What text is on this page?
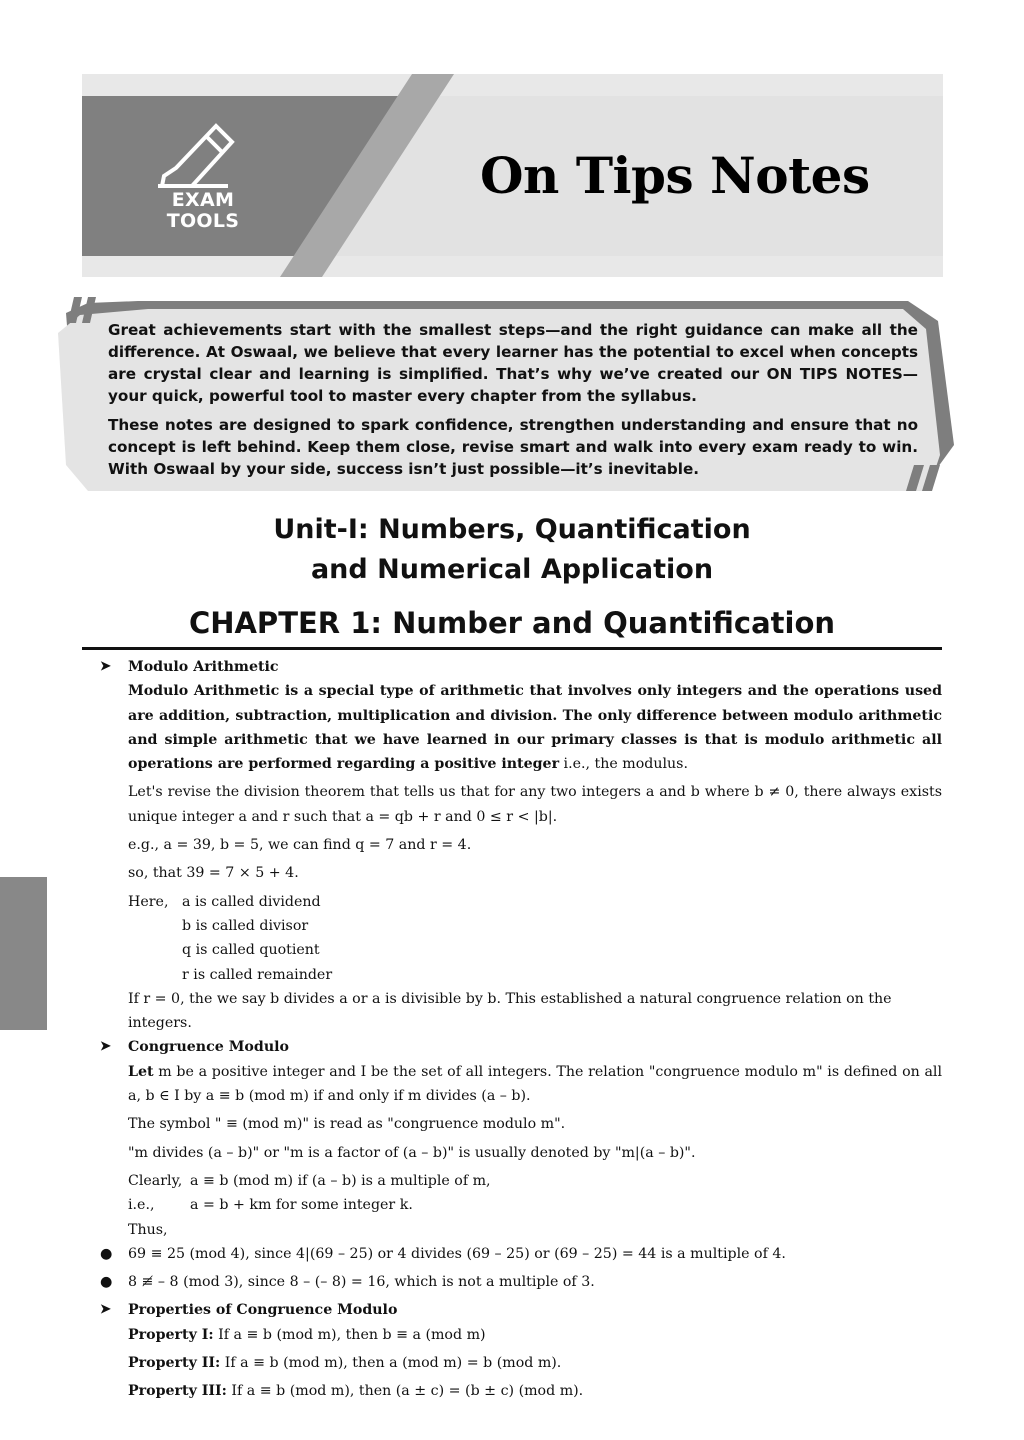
EXAM
TOOLS
On Tips Notes

Great achievements start with the smallest steps—and the right guidance can make all the difference. At Oswaal, we believe that every learner has the potential to excel when concepts are crystal clear and learning is simplified. That’s why we’ve created our ON TIPS NOTES—your quick, powerful tool to master every chapter from the syllabus.

These notes are designed to spark confidence, strengthen understanding and ensure that no concept is left behind. Keep them close, revise smart and walk into every exam ready to win. With Oswaal by your side, success isn’t just possible—it’s inevitable.

Unit-I: Numbers, Quantification
and Numerical Application
CHAPTER 1: Number and Quantification
➤ Modulo Arithmetic

Modulo Arithmetic is a special type of arithmetic that involves only integers and the operations used are addition, subtraction, multiplication and division. The only difference between modulo arithmetic and simple arithmetic that we have learned in our primary classes is that is modulo arithmetic all operations are performed regarding a positive integer i.e., the modulus.

Let's revise the division theorem that tells us that for any two integers a and b where b ≠ 0, there always exists unique integer a and r such that a = qb + r and 0 ≤ r < |b|.

e.g., a = 39, b = 5, we can find q = 7 and r = 4.

so, that 39 = 7 × 5 + 4.

Here, a is called dividend
b is called divisor
q is called quotient
r is called remainder

If r = 0, the we say b divides a or a is divisible by b. This established a natural congruence relation on the integers.

➤ Congruence Modulo

Let m be a positive integer and I be the set of all integers. The relation "congruence modulo m" is defined on all a, b ∈ I by a ≡ b (mod m) if and only if m divides (a – b).

The symbol " ≡ (mod m)" is read as "congruence modulo m".

"m divides (a – b)" or "m is a factor of (a – b)" is usually denoted by "m|(a – b)".

Clearly, a ≡ b (mod m) if (a – b) is a multiple of m,
i.e.,	a = b + km for some integer k.

Thus,

● 69 ≡ 25 (mod 4), since 4|(69 – 25) or 4 divides (69 – 25) or (69 – 25) = 44 is a multiple of 4.
● 8 ≢ – 8 (mod 3), since 8 – (– 8) = 16, which is not a multiple of 3.
➤ Properties of Congruence Modulo

Property I: If a ≡ b (mod m), then b ≡ a (mod m)

Property II: If a ≡ b (mod m), then a (mod m) = b (mod m).

Property III: If a ≡ b (mod m), then (a ± c) = (b ± c) (mod m).
